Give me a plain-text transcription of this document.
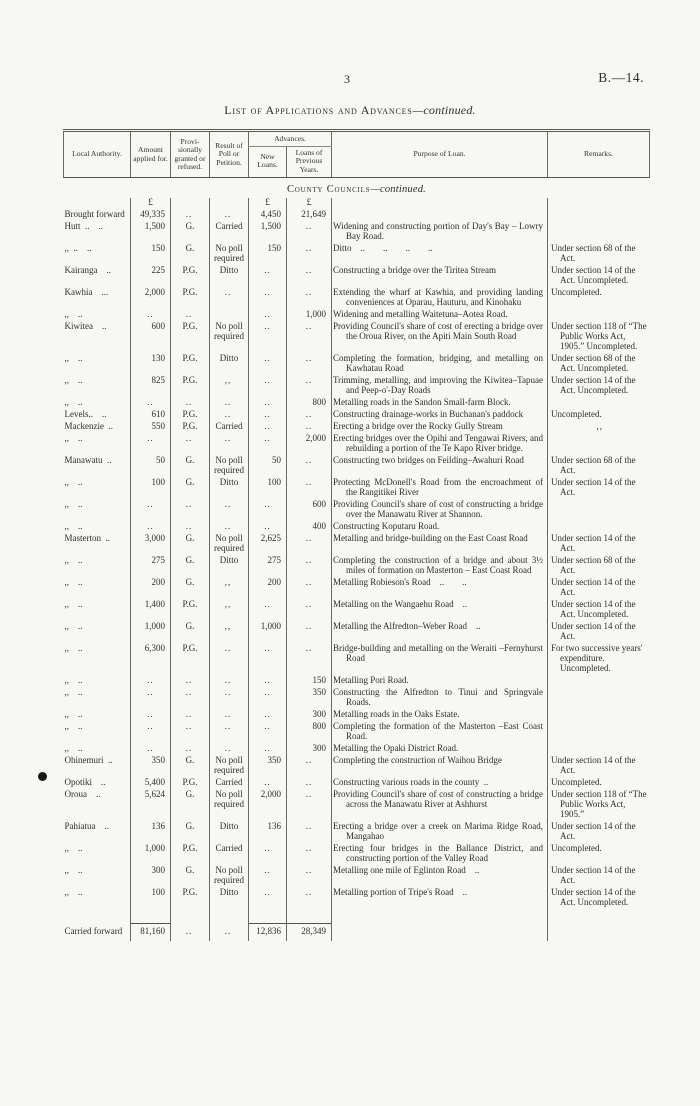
3	B.—14.
List of Applications and Advances—continued.
Local Authority.	Amount applied for.	Provi- sionally granted or refused.	Result of Poll or Petition.	Advances.		Purpose of Loan.	Remarks.
				New Loans.	Loans of Previous Years.		
County Councils—continued.							
	£			£	£		
Brought forward	49,335	..	..	4,450	21,649		
Hutt .. ..	1,500	G.	Carried	1,500	..	Widening and constructing portion of Day's Bay – Lowry Bay Road.	
,, .. ..	150	G.	No poll required	150	..	Ditto ..  ..  ..  ..	Under section 68 of the Act.
Kairanga ..	225	P.G.	Ditto	..	..	Constructing a bridge over the Tiritea Stream	Under section 14 of the Act. Uncompleted.
Kawhia ...	2,000	P.G.	..	..	..	Extending the wharf at Kawhia, and providing landing conveniences at Oparau, Hauturu, and Kinohaku	Uncompleted.
,, ..	..	..		..	1,000	Widening and metalling Waitetuna–Aotea Road.	
Kiwitea ..	600	P.G.	No poll required	..	..	Providing Council's share of cost of erecting a bridge over the Oroua River, on the Apiti Main South Road	Under section 118 of “The Public Works Act, 1905.” Uncompleted.
,, ..	130	P.G.	Ditto	..	..	Completing the formation, bridging, and metalling on Kawhatau Road	Under section 68 of the Act. Uncompleted.
,, ..	825	P.G.	,,	..	..	Trimming, metalling, and improving the Kiwitea–Tapuae and Peep-o'-Day Roads	Under section 14 of the Act. Uncompleted.
,, ..	..	..	..	..	800	Metalling roads in the Sandon Small-farm Block.	
Levels.. ..	610	P.G.	..	..	..	Constructing drainage-works in Buchanan's paddock	Uncompleted.
Mackenzie ..	550	P.G.	Carried	..	..	Erecting a bridge over the Rocky Gully Stream	,,
,, ..	..	..	..	..	2,000	Erecting bridges over the Opihi and Tengawai Rivers, and rebuilding a portion of the Te Kapo River bridge.	
Manawatu ..	50	G.	No poll required	50	..	Constructing two bridges on Feilding–Awahuri Road	Under section 68 of the Act.
,, ..	100	G.	Ditto	100	..	Protecting McDonell's Road from the encroachment of the Rangitikei River	Under section 14 of the Act.
,, ..	..	..	..	..	600	Providing Council's share of cost of constructing a bridge over the Manawatu River at Shannon.	
,, ..	..	..	..	..	400	Constructing Koputaru Road.	
Masterton ..	3,000	G.	No poll required	2,625	..	Metalling and bridge-building on the East Coast Road	Under section 14 of the Act.
,, ..	275	G.	Ditto	275	..	Completing the construction of a bridge and about 3½ miles of formation on Masterton – East Coast Road	Under section 68 of the Act.
,, ..	200	G.	,,	200	..	Metalling Robieson's Road ..  ..	Under section 14 of the Act.
,, ..	1,400	P.G.	,,	..	..	Metalling on the Wangaehu Road ..	Under section 14 of the Act. Uncompleted.
,, ..	1,000	G.	,,	1,000	..	Metalling the Alfredton–Weber Road ..	Under section 14 of the Act.
,, ..	6,300	P.G.	..	..	..	Bridge-building and metalling on the Weraiti –Fernyhurst Road	For two successive years' expenditure. Uncompleted.
,, ..	..	..	..	..	150	Metalling Pori Road.	
,, ..	..	..	..	..	350	Constructing the Alfredton to Tinui and Springvale Roads.	
,, ..	..	..	..	..	300	Metalling roads in the Oaks Estate.	
,, ..	..	..	..	..	800	Completing the formation of the Masterton –East Coast Road.	
,, ..	..	..	..	..	300	Metalling the Opaki District Road.	
Ohinemuri ..	350	G.	No poll required	350	..	Completing the construction of Waihou Bridge	Under section 14 of the Act.
Opotiki ..	5,400	P.G.	Carried	..	..	Constructing various roads in the county ..	Uncompleted.
Oroua ..	5,624	G.	No poll required	2,000	..	Providing Council's share of cost of constructing a bridge across the Manawatu River at Ashhurst	Under section 118 of “The Public Works Act, 1905.”
Pahiatua ..	136	G.	Ditto	136	..	Erecting a bridge over a creek on Marima Ridge Road, Mangahao	Under section 14 of the Act.
,, ..	1,000	P.G.	Carried	..	..	Erecting four bridges in the Ballance District, and constructing portion of the Valley Road	Uncompleted.
,, ..	300	G.	No poll required	..	..	Metalling one mile of Eglinton Road ..	Under section 14 of the Act.
,, ..	100	P.G.	Ditto	..	..	Metalling portion of Tripe's Road ..	Under section 14 of the Act. Uncompleted.

Carried forward	81,160	..	..	12,836	28,349		
